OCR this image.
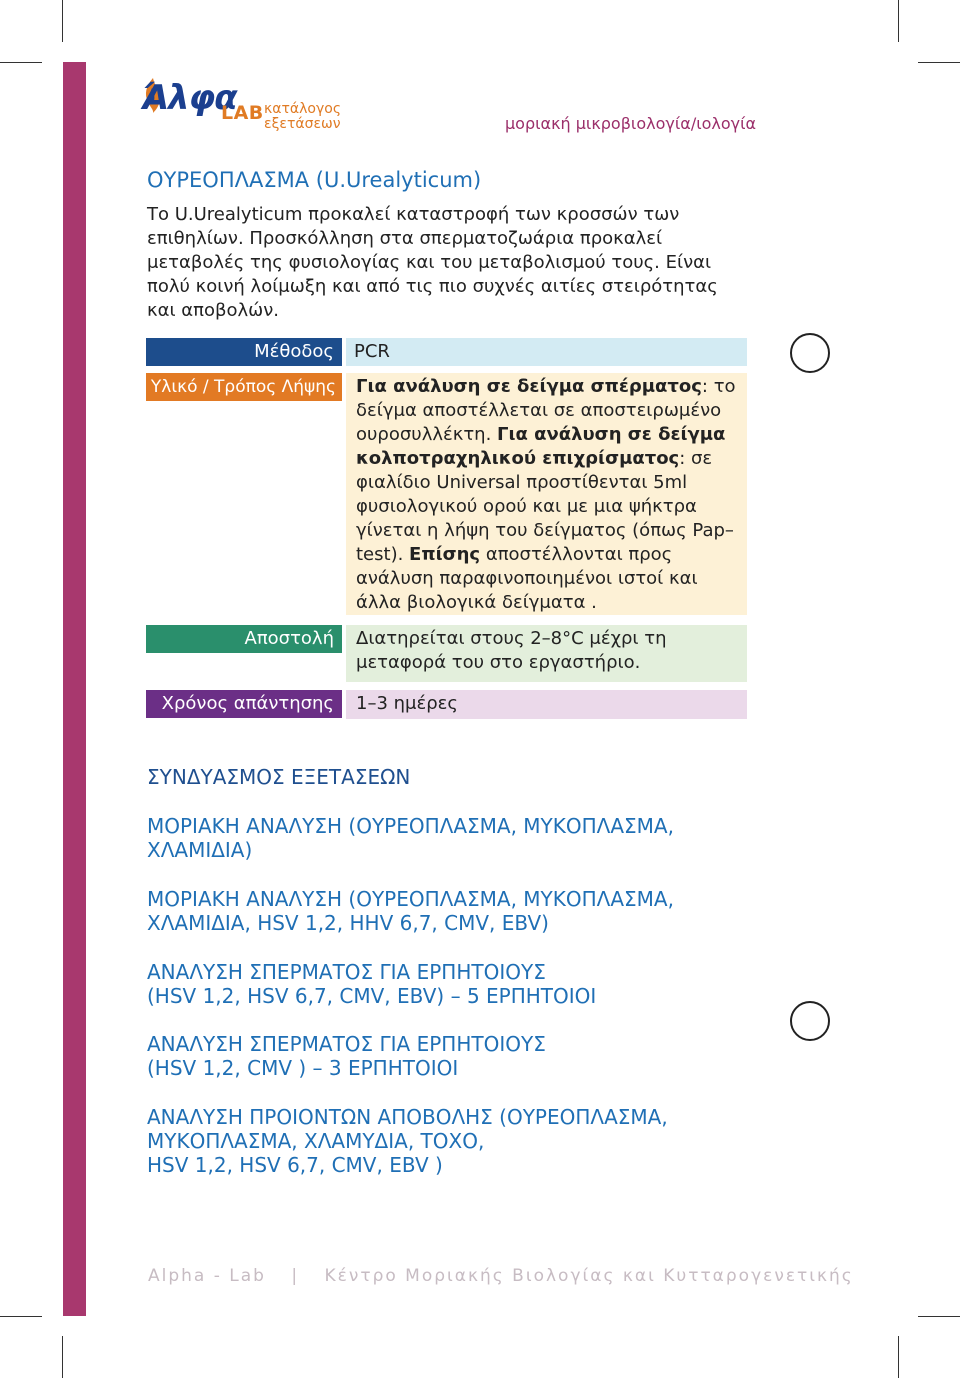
Άλφα
LAB κατάλογος
εξετάσεων	μοριακή μικροβιολογία/ιολογία
ΟΥΡΕΟΠΛΑΣΜΑ (U.Urealyticum)
Το U.Urealyticum προκαλεί καταστροφή των κροσσών των επιθηλίων. Προσκόλληση στα σπερματοζωάρια προκαλεί μεταβολές της φυσιολογίας και του μεταβολισμού τους. Είναι πολύ κοινή λοίμωξη και από τις πιο συχνές αιτίες στειρότητας και αποβολών.
Μέθοδος	PCR
Υλικό / Τρόπος Λήψης	Για ανάλυση σε δείγμα σπέρματος: το δείγμα αποστέλλεται σε αποστειρωμένο ουροσυλλέκτη. Για ανάλυση σε δείγμα κολποτραχηλικού επιχρίσματος: σε φιαλίδιο Universal προστίθενται 5ml φυσιολογικού ορού και με μια ψήκτρα γίνεται η λήψη του δείγματος (όπως Pap–test). Επίσης αποστέλλονται προς ανάλυση παραφινοποιημένοι ιστοί και άλλα βιολογικά δείγματα .
Αποστολή	Διατηρείται στους 2–8°C μέχρι τη μεταφορά του στο εργαστήριο.
Χρόνος απάντησης	1–3 ημέρες
ΣΥΝΔΥΑΣΜΟΣ ΕΞΕΤΑΣΕΩΝ
ΜΟΡΙΑΚΗ ΑΝΑΛΥΣΗ (ΟΥΡΕΟΠΛΑΣΜΑ, ΜΥΚΟΠΛΑΣΜΑ,
ΧΛΑΜΙΔΙΑ)
ΜΟΡΙΑΚΗ ΑΝΑΛΥΣΗ (ΟΥΡΕΟΠΛΑΣΜΑ, ΜΥΚΟΠΛΑΣΜΑ,
ΧΛΑΜΙΔΙΑ, HSV 1,2, HHV 6,7, CMV, EBV)
ΑΝΑΛΥΣΗ ΣΠΕΡΜΑΤΟΣ ΓΙΑ ΕΡΠΗΤΟΙΟΥΣ
(HSV 1,2, HSV 6,7, CMV, EBV) – 5 ΕΡΠΗΤΟΙΟΙ
ΑΝΑΛΥΣΗ ΣΠΕΡΜΑΤΟΣ ΓΙΑ ΕΡΠΗΤΟΙΟΥΣ
(HSV 1,2, CMV ) – 3 ΕΡΠΗΤΟΙΟΙ
ΑΝΑΛΥΣΗ ΠΡΟΙΟΝΤΩΝ ΑΠΟΒΟΛΗΣ (ΟΥΡΕΟΠΛΑΣΜΑ,
ΜΥΚΟΠΛΑΣΜΑ, ΧΛΑΜΥΔΙΑ, ΤΟΧΟ,
HSV 1,2, HSV 6,7, CMV, EBV )
Alpha - Lab | Κέντρο Μοριακής Βιολογίας και Κυτταρογενετικής
